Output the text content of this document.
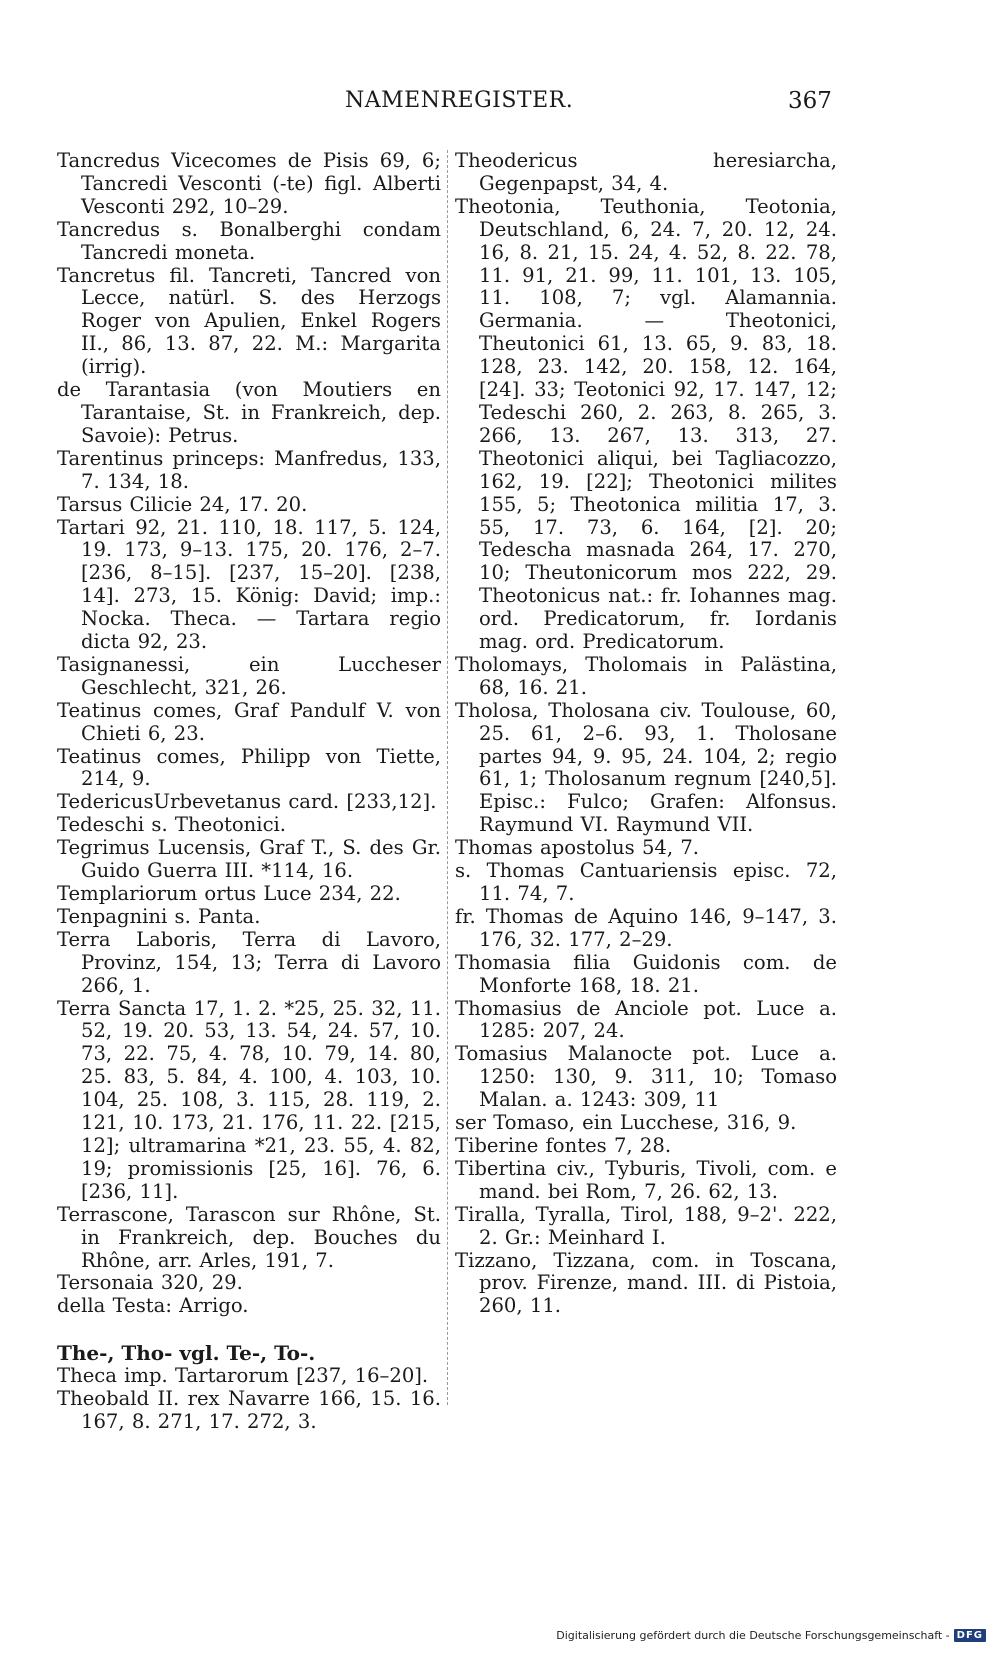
NAMENREGISTER.	367

Tancredus Vicecomes de Pisis 69, 6; Tancredi Vesconti (-te) figl. Alberti Vesconti 292, 10–29.

Tancredus s. Bonalberghi condam Tancredi moneta.

Tancretus fil. Tancreti, Tancred von Lecce, natürl. S. des Herzogs Roger von Apulien, Enkel Rogers II., 86, 13. 87, 22. M.: Margarita (irrig).

de Tarantasia (von Moutiers en Tarantaise, St. in Frankreich, dep. Savoie): Petrus.

Tarentinus princeps: Manfredus, 133, 7. 134, 18.

Tarsus Cilicie 24, 17. 20.

Tartari 92, 21. 110, 18. 117, 5. 124, 19. 173, 9–13. 175, 20. 176, 2–7. [236, 8–15]. [237, 15–20]. [238, 14]. 273, 15. König: David; imp.: Nocka. Theca. — Tartara regio dicta 92, 23.

Tasignanessi, ein Luccheser Geschlecht, 321, 26.

Teatinus comes, Graf Pandulf V. von Chieti 6, 23.

Teatinus comes, Philipp von Tiette, 214, 9.

TedericusUrbevetanus card. [233,12].

Tedeschi s. Theotonici.

Tegrimus Lucensis, Graf T., S. des Gr. Guido Guerra III. *114, 16.

Templariorum ortus Luce 234, 22.

Tenpagnini s. Panta.

Terra Laboris, Terra di Lavoro, Provinz, 154, 13; Terra di Lavoro 266, 1.

Terra Sancta 17, 1. 2. *25, 25. 32, 11. 52, 19. 20. 53, 13. 54, 24. 57, 10. 73, 22. 75, 4. 78, 10. 79, 14. 80, 25. 83, 5. 84, 4. 100, 4. 103, 10. 104, 25. 108, 3. 115, 28. 119, 2. 121, 10. 173, 21. 176, 11. 22. [215, 12]; ultramarina *21, 23. 55, 4. 82, 19; promissionis [25, 16]. 76, 6. [236, 11].

Terrascone, Tarascon sur Rhône, St. in Frankreich, dep. Bouches du Rhône, arr. Arles, 191, 7.

Tersonaia 320, 29.

della Testa: Arrigo.

The-, Tho- vgl. Te-, To-.

Theca imp. Tartarorum [237, 16–20].

Theobald II. rex Navarre 166, 15. 16. 167, 8. 271, 17. 272, 3.

Theodericus heresiarcha, Gegenpapst, 34, 4.

Theotonia, Teuthonia, Teotonia, Deutschland, 6, 24. 7, 20. 12, 24. 16, 8. 21, 15. 24, 4. 52, 8. 22. 78, 11. 91, 21. 99, 11. 101, 13. 105, 11. 108, 7; vgl. Alamannia. Germania. — Theotonici, Theutonici 61, 13. 65, 9. 83, 18. 128, 23. 142, 20. 158, 12. 164, [24]. 33; Teotonici 92, 17. 147, 12; Tedeschi 260, 2. 263, 8. 265, 3. 266, 13. 267, 13. 313, 27. Theotonici aliqui, bei Tagliacozzo, 162, 19. [22]; Theotonici milites 155, 5; Theotonica militia 17, 3. 55, 17. 73, 6. 164, [2]. 20; Tedescha masnada 264, 17. 270, 10; Theutonicorum mos 222, 29. Theotonicus nat.: fr. Iohannes mag. ord. Predicatorum, fr. Iordanis mag. ord. Predicatorum.

Tholomays, Tholomais in Palästina, 68, 16. 21.

Tholosa, Tholosana civ. Toulouse, 60, 25. 61, 2–6. 93, 1. Tholosane partes 94, 9. 95, 24. 104, 2; regio 61, 1; Tholosanum regnum [240,5]. Episc.: Fulco; Grafen: Alfonsus. Raymund VI. Raymund VII.

Thomas apostolus 54, 7.

s. Thomas Cantuariensis episc. 72, 11. 74, 7.

fr. Thomas de Aquino 146, 9–147, 3. 176, 32. 177, 2–29.

Thomasia filia Guidonis com. de Monforte 168, 18. 21.

Thomasius de Anciole pot. Luce a. 1285: 207, 24.

Tomasius Malanocte pot. Luce a. 1250: 130, 9. 311, 10; Tomaso Malan. a. 1243: 309, 11

ser Tomaso, ein Lucchese, 316, 9.

Tiberine fontes 7, 28.

Tibertina civ., Tyburis, Tivoli, com. e mand. bei Rom, 7, 26. 62, 13.

Tiralla, Tyralla, Tirol, 188, 9–2'. 222, 2. Gr.: Meinhard I.

Tizzano, Tizzana, com. in Toscana, prov. Firenze, mand. III. di Pistoia, 260, 11.

Digitalisierung gefördert durch die Deutsche Forschungsgemeinschaft - DFG
